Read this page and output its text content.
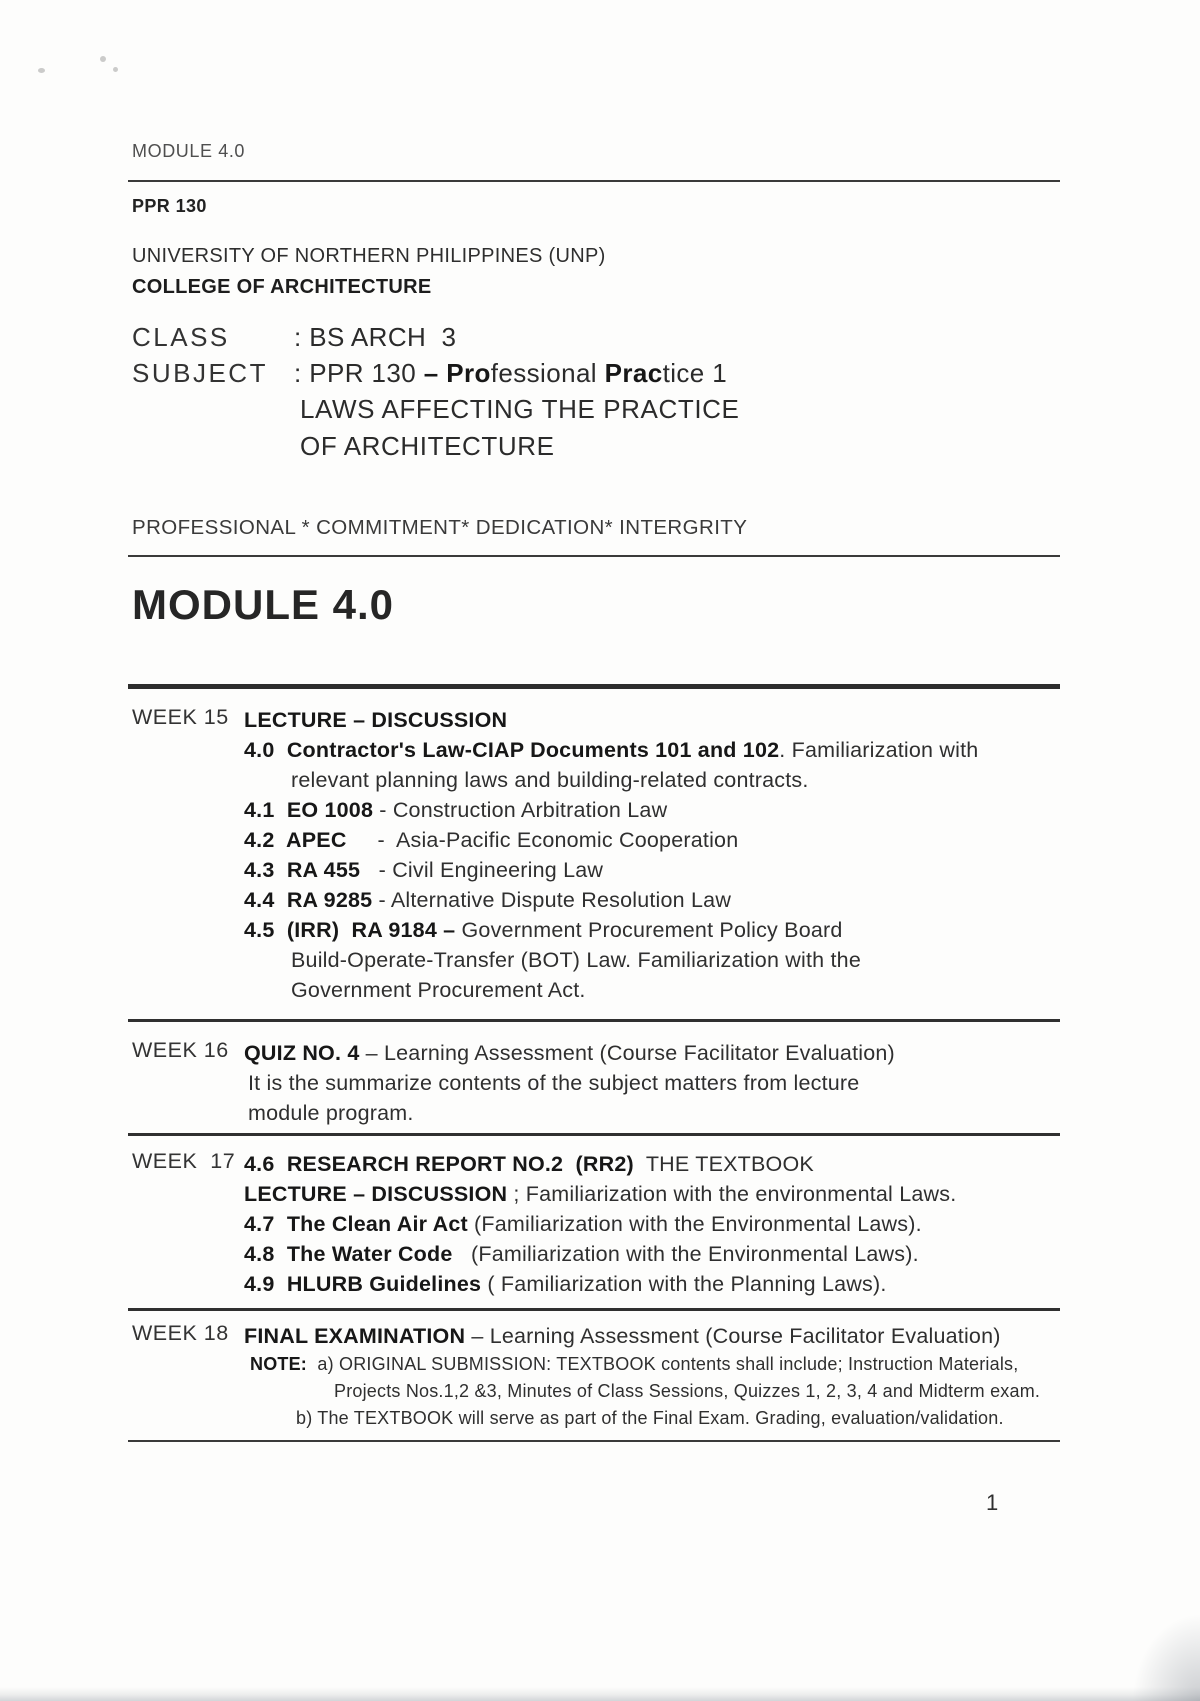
MODULE 4.0
PPR 130
UNIVERSITY OF NORTHERN PHILIPPINES (UNP)
COLLEGE OF ARCHITECTURE
CLASS	: BS ARCH  3
SUBJECT	: PPR 130 – Professional Practice 1
LAWS AFFECTING THE PRACTICE
OF ARCHITECTURE
PROFESSIONAL * COMMITMENT* DEDICATION* INTERGRITY
MODULE 4.0
WEEK 15 LECTURE – DISCUSSION
4.0  Contractor's Law-CIAP Documents 101 and 102. Familiarization with
relevant planning laws and building-related contracts.
4.1  EO 1008 - Construction Arbitration Law
4.2  APEC     -  Asia-Pacific Economic Cooperation
4.3  RA 455   - Civil Engineering Law
4.4  RA 9285 - Alternative Dispute Resolution Law
4.5  (IRR)  RA 9184 – Government Procurement Policy Board
Build-Operate-Transfer (BOT) Law. Familiarization with the
Government Procurement Act.
WEEK 16 QUIZ NO. 4 – Learning Assessment (Course Facilitator Evaluation)
It is the summarize contents of the subject matters from lecture
module program.
WEEK  17 4.6  RESEARCH REPORT NO.2  (RR2)  THE TEXTBOOK
LECTURE – DISCUSSION ; Familiarization with the environmental Laws.
4.7  The Clean Air Act (Familiarization with the Environmental Laws).
4.8  The Water Code   (Familiarization with the Environmental Laws).
4.9  HLURB Guidelines ( Familiarization with the Planning Laws).
WEEK 18 FINAL EXAMINATION – Learning Assessment (Course Facilitator Evaluation)
NOTE:  a) ORIGINAL SUBMISSION: TEXTBOOK contents shall include; Instruction Materials,
Projects Nos.1,2 &3, Minutes of Class Sessions, Quizzes 1, 2, 3, 4 and Midterm exam.
b) The TEXTBOOK will serve as part of the Final Exam. Grading, evaluation/validation.
1
